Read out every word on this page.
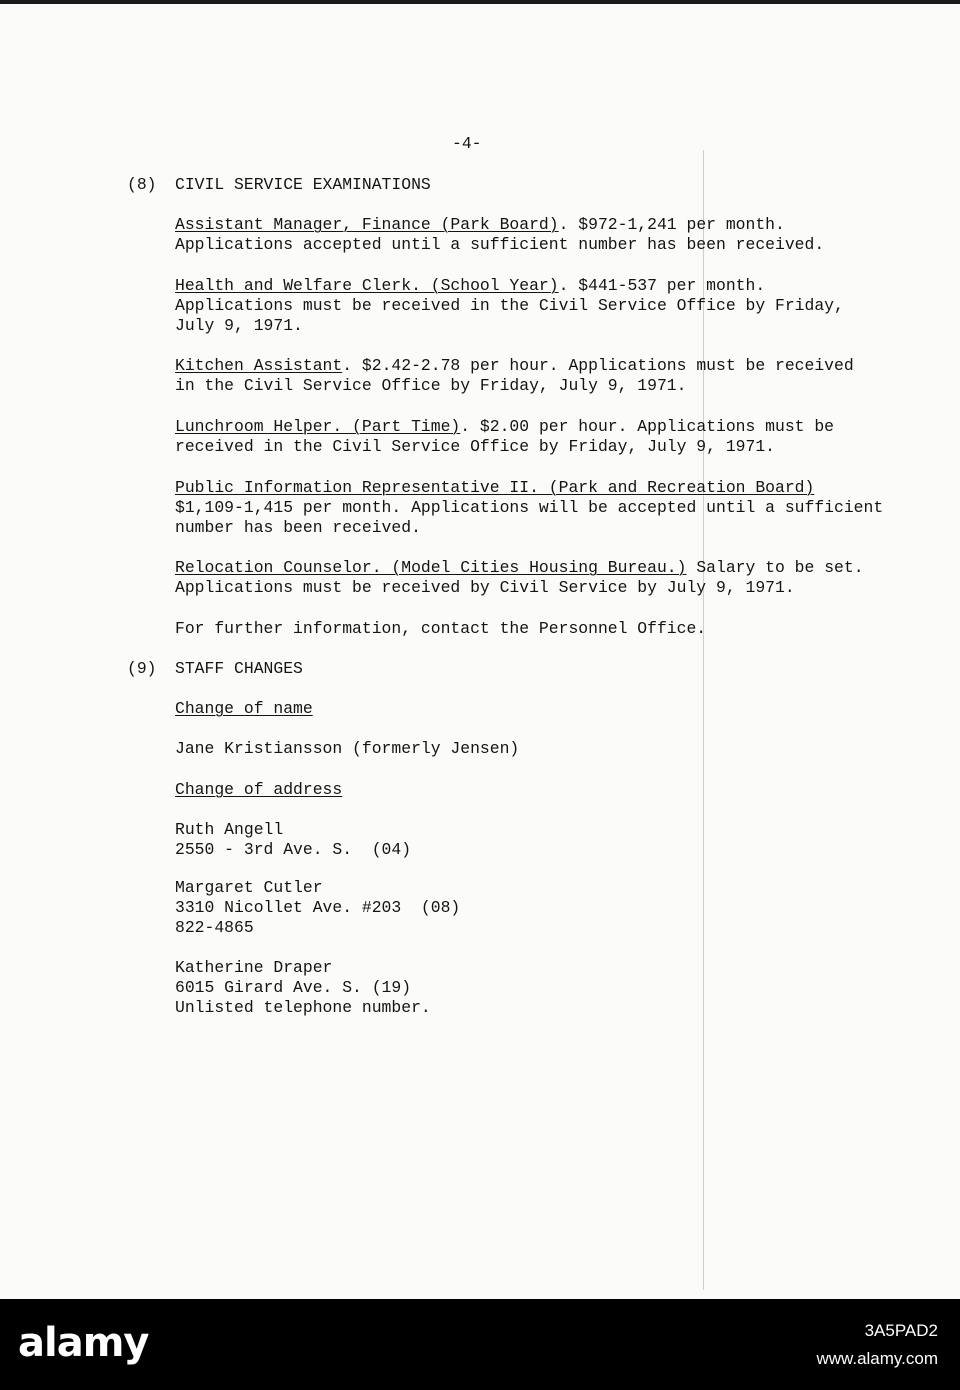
-4-

(8) CIVIL SERVICE EXAMINATIONS

Assistant Manager, Finance (Park Board). $972-1,241 per month.

Applications accepted until a sufficient number has been received.

Health and Welfare Clerk. (School Year). $441-537 per month.

Applications must be received in the Civil Service Office by Friday,

July 9, 1971.

Kitchen Assistant. $2.42-2.78 per hour. Applications must be received

in the Civil Service Office by Friday, July 9, 1971.

Lunchroom Helper. (Part Time). $2.00 per hour. Applications must be

received in the Civil Service Office by Friday, July 9, 1971.

Public Information Representative II. (Park and Recreation Board)

$1,109-1,415 per month. Applications will be accepted until a sufficient

number has been received.

Relocation Counselor. (Model Cities Housing Bureau.) Salary to be set.

Applications must be received by Civil Service by July 9, 1971.

For further information, contact the Personnel Office.

(9) STAFF CHANGES

Change of name

Jane Kristiansson (formerly Jensen)

Change of address

Ruth Angell

2550 - 3rd Ave. S.  (04)

Margaret Cutler

3310 Nicollet Ave. #203  (08)

822-4865

Katherine Draper

6015 Girard Ave. S. (19)

Unlisted telephone number.

alamy	3A5PAD2
www.alamy.com
